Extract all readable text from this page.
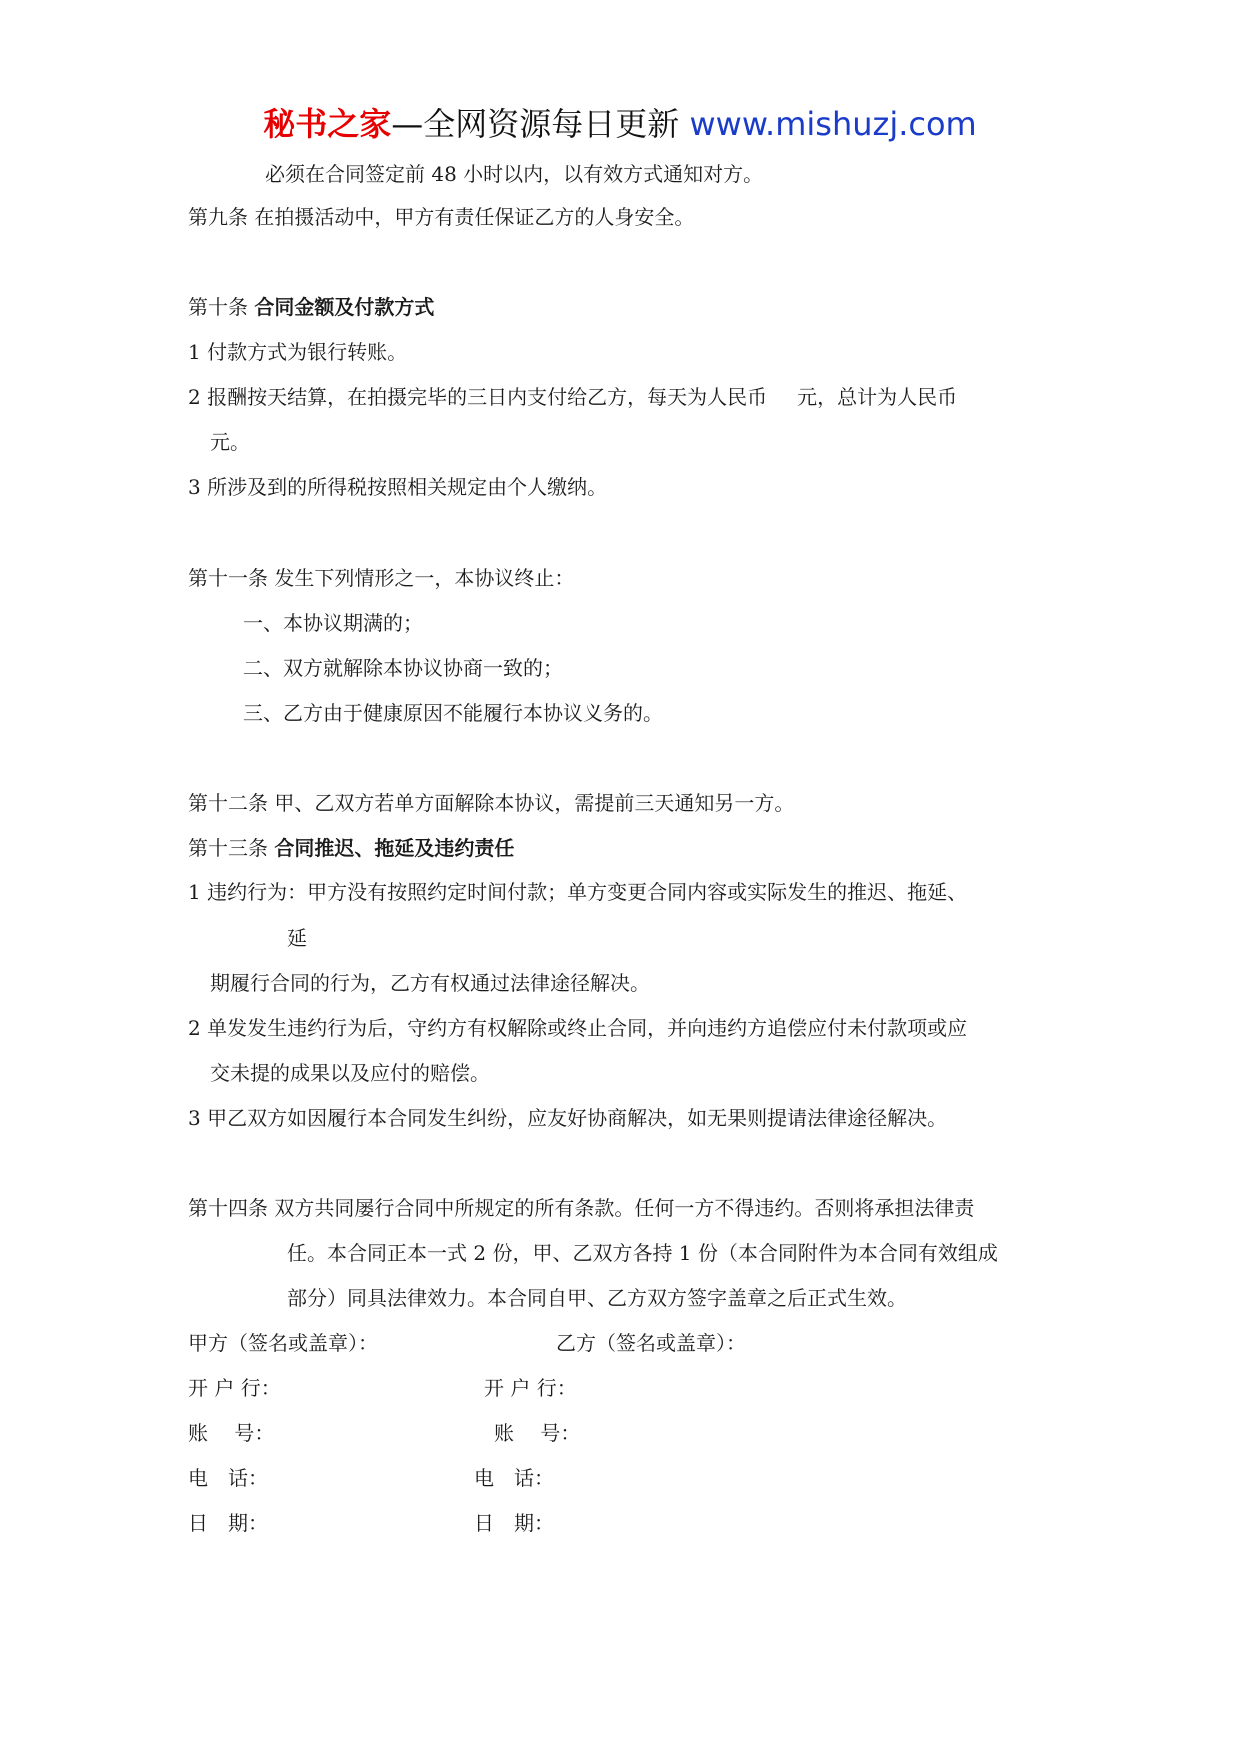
秘书之家—全网资源每日更新 www.mishuzj.com
必须在合同签定前 48 小时以内，以有效方式通知对方。
第九条 在拍摄活动中，甲方有责任保证乙方的人身安全。
第十条 合同金额及付款方式
1 付款方式为银行转账。
2 报酬按天结算，在拍摄完毕的三日内支付给乙方，每天为人民币 元，总计为人民币
元。
3 所涉及到的所得税按照相关规定由个人缴纳。
第十一条 发生下列情形之一，本协议终止：
一、本协议期满的；
二、双方就解除本协议协商一致的；
三、乙方由于健康原因不能履行本协议义务的。
第十二条 甲、乙双方若单方面解除本协议，需提前三天通知另一方。
第十三条 合同推迟、拖延及违约责任
1 违约行为：甲方没有按照约定时间付款；单方变更合同内容或实际发生的推迟、拖延、
延
期履行合同的行为，乙方有权通过法律途径解决。
2 单发发生违约行为后，守约方有权解除或终止合同，并向违约方追偿应付未付款项或应
交未提的成果以及应付的赔偿。
3 甲乙双方如因履行本合同发生纠纷，应友好协商解决，如无果则提请法律途径解决。
第十四条 双方共同屡行合同中所规定的所有条款。任何一方不得违约。否则将承担法律责
任。本合同正本一式 2 份，甲、乙双方各持 1 份（本合同附件为本合同有效组成
部分）同具法律效力。本合同自甲、乙方双方签字盖章之后正式生效。
甲方（签名或盖章）：	乙方（签名或盖章）：
开 户 行：	开 户 行：
账　 号：	账　 号：
电　话：	电　话：
日　期：	日　期：
